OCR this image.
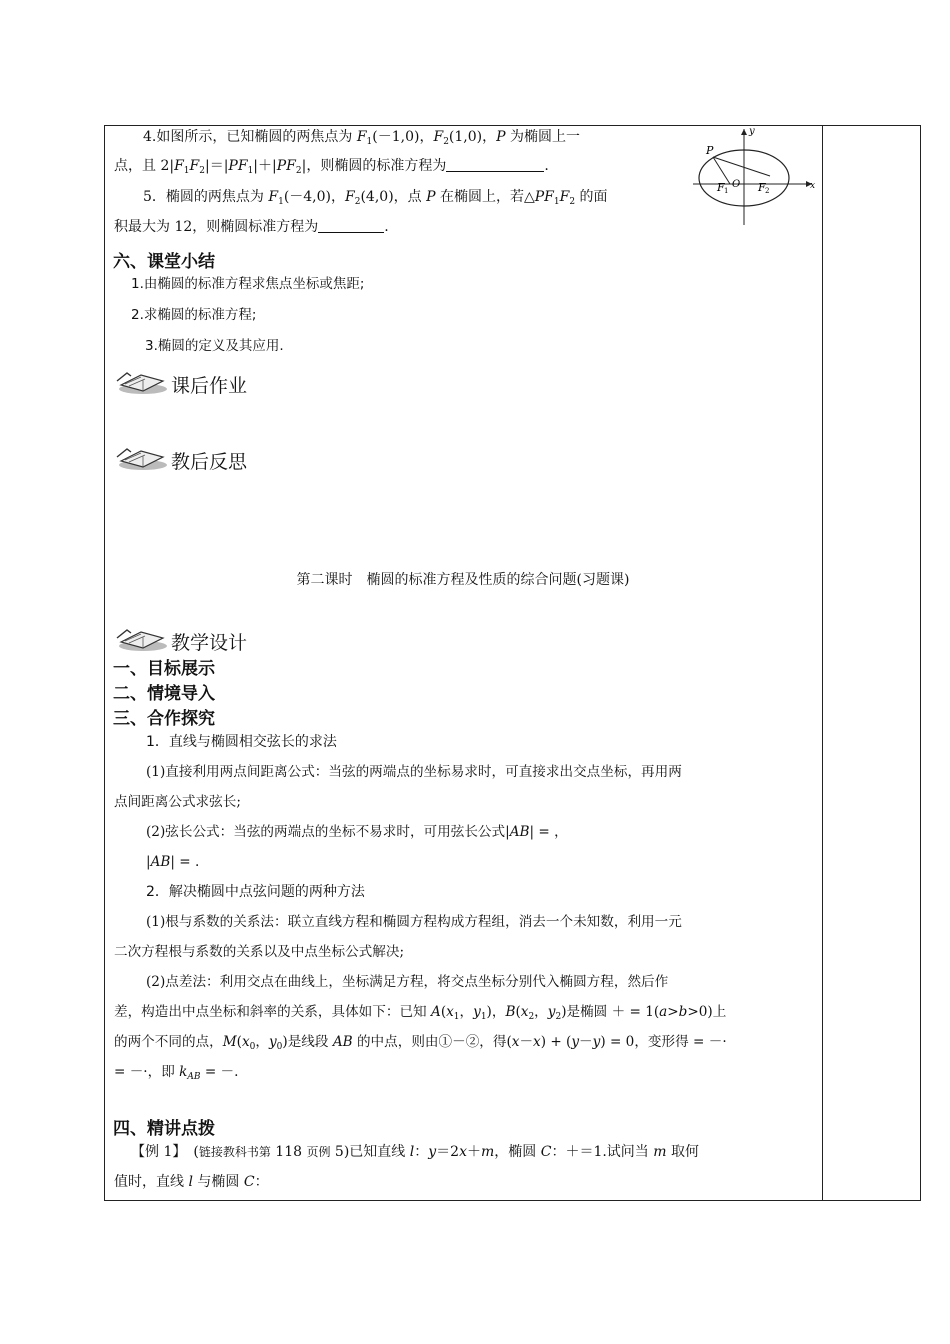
4.如图所示，已知椭圆的两焦点为 $F_1(-1,0)$，$F_2(1,0)$，P 为椭圆上一
点，且 $2|F_1F_2|=|PF_1|+|PF_2|$，则椭圆的标准方程为	.
5．椭圆的两焦点为 $F_1(-4,0)$，$F_2(4,0)$，点 P 在椭圆上，若$\triangle PF_1F_2$ 的面
积最大为 12，则椭圆标准方程为	.
y
x
P
F 1
O F 2
六、课堂小结
1.由椭圆的标准方程求焦点坐标或焦距;
2.求椭圆的标准方程;
3.椭圆的定义及其应用.
课后作业
教后反思
第二课时　椭圆的标准方程及性质的综合问题(习题课)
教学设计
一、目标展示
二、情境导入
三、合作探究
1．直线与椭圆相交弦长的求法
(1)直接利用两点间距离公式：当弦的两端点的坐标易求时，可直接求出交点坐标，再用两
点间距离公式求弦长;
(2)弦长公式：当弦的两端点的坐标不易求时，可用弦长公式|AB| = ，
|AB| = .
2．解决椭圆中点弦问题的两种方法
(1)根与系数的关系法：联立直线方程和椭圆方程构成方程组，消去一个未知数，利用一元
二次方程根与系数的关系以及中点坐标公式解决;
(2)点差法：利用交点在曲线上，坐标满足方程，将交点坐标分别代入椭圆方程，然后作
差，构造出中点坐标和斜率的关系，具体如下：已知 $A(x_1$，$y_1$)，$B(x_2$，$y_2$)是椭圆 ＋ = 1(a>b>0)上
的两个不同的点，$M(x_0$，$y_0$)是线段 AB 的中点，则由①－②，得(x－x) + (y－y) = 0，变形得 = －·
= －·，即 $k_{AB}$ = －.
四、精讲点拨
【例 1】　(链接教科书第 118 页例 5)已知直线 l：y＝2x＋m，椭圆 C：＋＝1.试问当 m 取何
值时，直线 l 与椭圆 C：
